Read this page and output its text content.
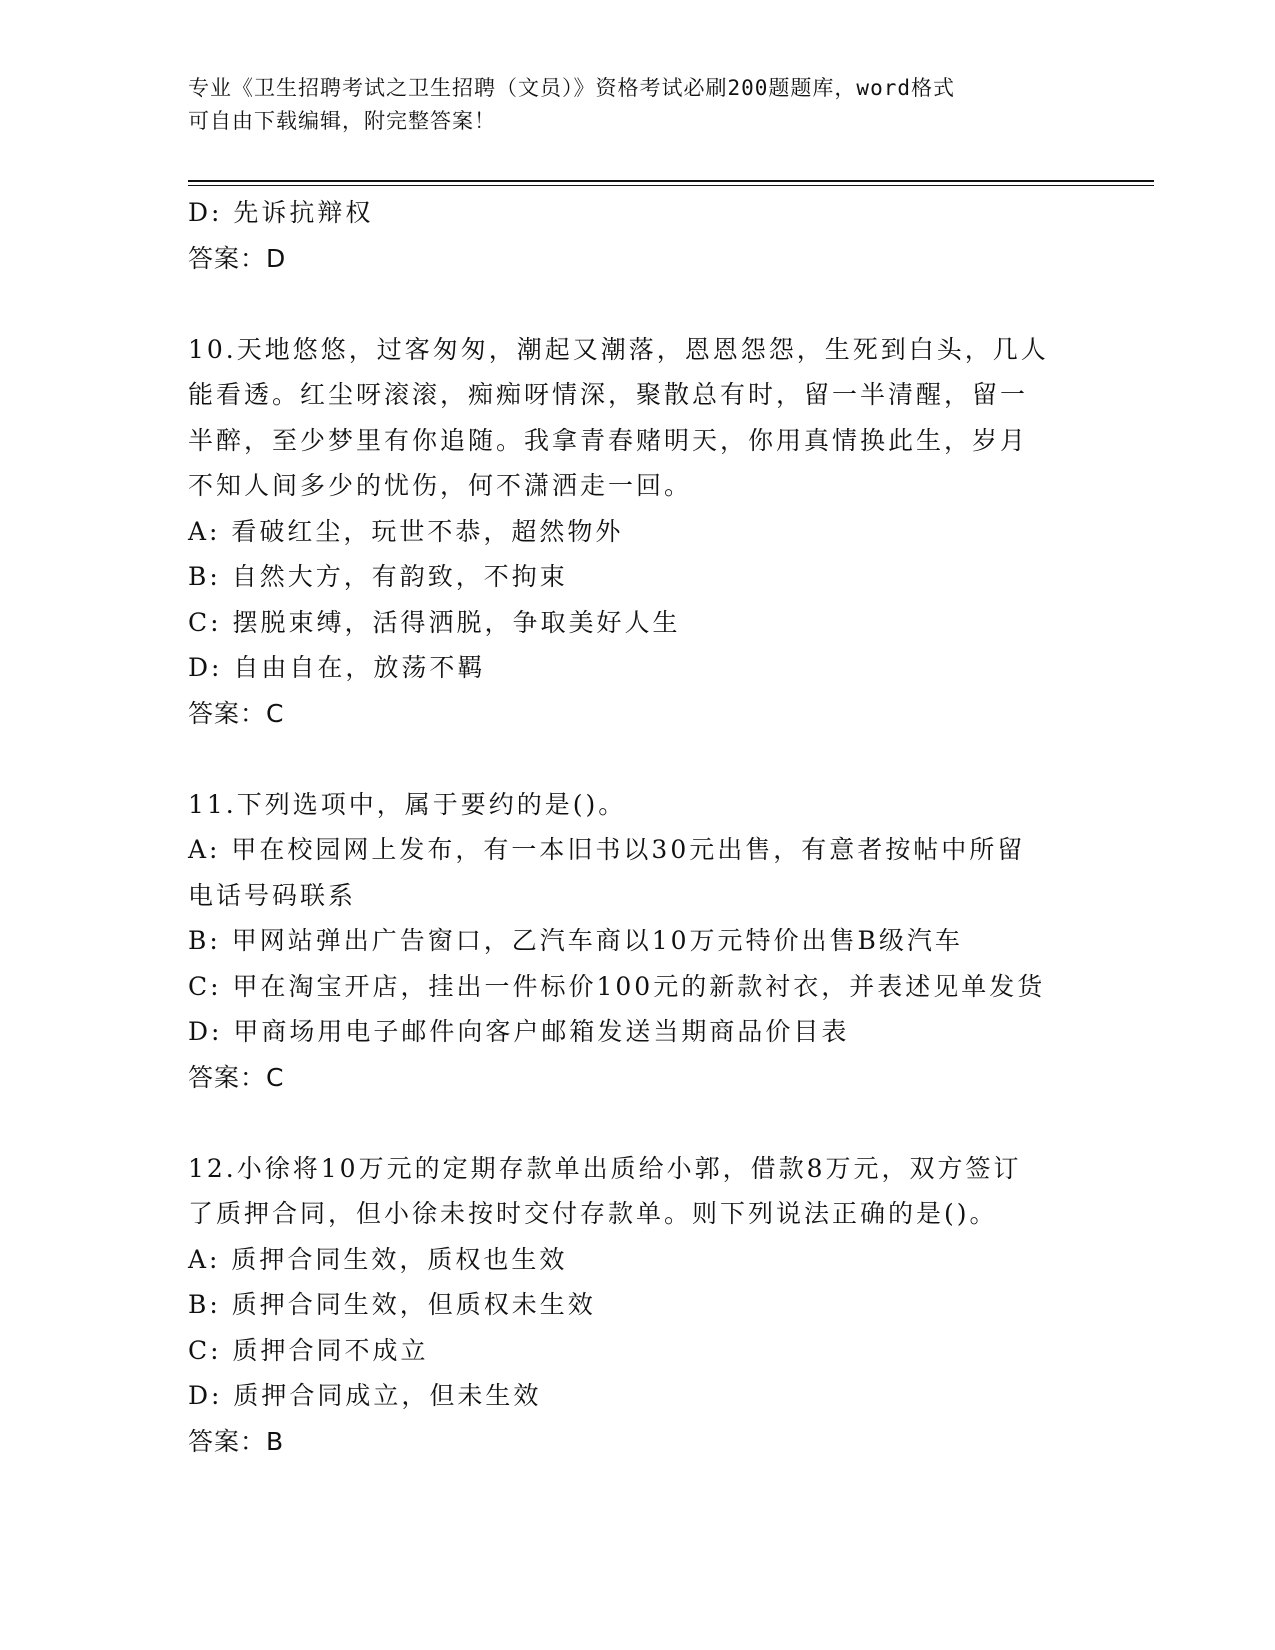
专业《卫生招聘考试之卫生招聘（文员）》资格考试必刷200题题库，word格式
可自由下载编辑，附完整答案！
D: 先诉抗辩权
答案：D
10.天地悠悠，过客匆匆，潮起又潮落，恩恩怨怨，生死到白头，几人
能看透。红尘呀滚滚，痴痴呀情深，聚散总有时，留一半清醒，留一
半醉，至少梦里有你追随。我拿青春赌明天，你用真情换此生，岁月
不知人间多少的忧伤，何不潇洒走一回。
A: 看破红尘，玩世不恭，超然物外
B: 自然大方，有韵致，不拘束
C: 摆脱束缚，活得洒脱，争取美好人生
D: 自由自在，放荡不羁
答案：C
11.下列选项中，属于要约的是()。
A: 甲在校园网上发布，有一本旧书以30元出售，有意者按帖中所留
电话号码联系
B: 甲网站弹出广告窗口，乙汽车商以10万元特价出售B级汽车
C: 甲在淘宝开店，挂出一件标价100元的新款衬衣，并表述见单发货
D: 甲商场用电子邮件向客户邮箱发送当期商品价目表
答案：C
12.小徐将10万元的定期存款单出质给小郭，借款8万元，双方签订
了质押合同，但小徐未按时交付存款单。则下列说法正确的是()。
A: 质押合同生效，质权也生效
B: 质押合同生效，但质权未生效
C: 质押合同不成立
D: 质押合同成立，但未生效
答案：B
